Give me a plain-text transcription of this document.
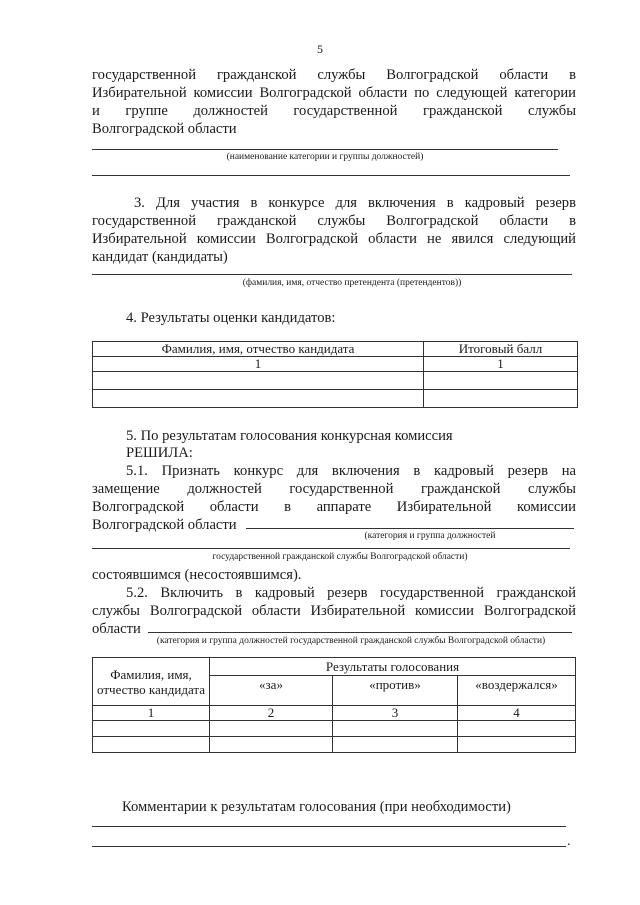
5
государственной гражданской службы Волгоградской области в
Избирательной комиссии Волгоградской области по следующей категории
и группе должностей государственной гражданской службы
Волгоградской области
(наименование категории и группы должностей)
3. Для участия в конкурсе для включения в кадровый резерв
государственной гражданской службы Волгоградской области в
Избирательной комиссии Волгоградской области не явился следующий
кандидат (кандидаты)
(фамилия, имя, отчество претендента (претендентов))
4. Результаты оценки кандидатов:
Фамилия, имя, отчество кандидата	Итоговый балл
1	1

5. По результатам голосования конкурсная комиссия
РЕШИЛА:
5.1. Признать конкурс для включения в кадровый резерв на
замещение должностей государственной гражданской службы
Волгоградской области в аппарате Избирательной комиссии
Волгоградской области
(категория и группа должностей
государственной гражданской службы Волгоградской области)
состоявшимся (несостоявшимся).
5.2. Включить в кадровый резерв государственной гражданской
службы Волгоградской области Избирательной комиссии Волгоградской
области
(категория и группа должностей государственной гражданской службы Волгоградской области)
Фамилия, имя, отчество кандидата	Результаты голосования		
	«за»	«против»	«воздержался»
1	2	3	4

Комментарии к результатам голосования (при необходимости)
.
